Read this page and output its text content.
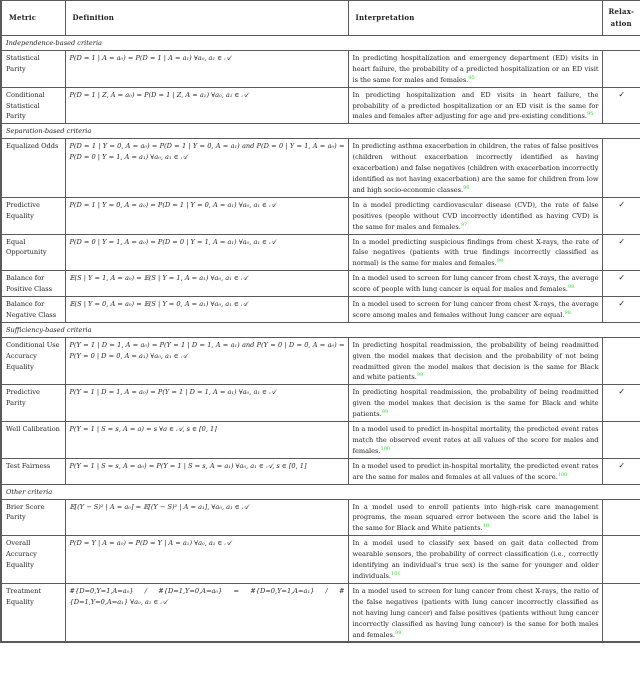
Metric	Definition	Interpretation	Relax- ation
Independence-based criteria			
Statistical Parity	P(D = 1 | A = a₀) = P(D = 1 | A = a₁) ∀a₀, a₁ ∈ 𝒜	In predicting hospitalization and emergency department (ED) visits in heart failure, the probability of a predicted hospitalization or an ED visit is the same for males and females.$^{95}$	
Conditional Statistical Parity	P(D = 1 | Z, A = a₀) = P(D = 1 | Z, A = a₁) ∀a₀, a₁ ∈ 𝒜	In predicting hospitalization and ED visits in heart failure, the probability of a predicted hospitalization or an ED visit is the same for males and females after adjusting for age and pre-existing conditions.$^{95}$	✓
Separation-based criteria			
Equalized Odds	P(D = 1 | Y = 0, A = a₀) = P(D = 1 | Y = 0, A = a₁) and P(D = 0 | Y = 1, A = a₀) = P(D = 0 | Y = 1, A = a₁) ∀a₀, a₁ ∈ 𝒜	In predicting asthma exacerbation in children, the rates of false positives (children without exacerbation incorrectly identified as having exacerbation) and false negatives (children with exacerbation incorrectly identified as not having exacerbation) are the same for children from low and high socio-economic classes.$^{96}$	
Predictive Equality	P(D = 1 | Y = 0, A = a₀) = P(D = 1 | Y = 0, A = a₁) ∀a₀, a₁ ∈ 𝒜	In a model predicting cardiovascular disease (CVD), the rate of false positives (people without CVD incorrectly identified as having CVD) is the same for males and females.$^{97}$	✓
Equal Opportunity	P(D = 0 | Y = 1, A = a₀) = P(D = 0 | Y = 1, A = a₁) ∀a₀, a₁ ∈ 𝒜	In a model predicting suspicious findings from chest X-rays, the rate of false negatives (patients with true findings incorrectly classified as normal) is the same for males and females.$^{98}$	✓
Balance for Positive Class	𝔼(S | Y = 1, A = a₀) = 𝔼(S | Y = 1, A = a₁) ∀a₀, a₁ ∈ 𝒜	In a model used to screen for lung cancer from chest X-rays, the average score of people with lung cancer is equal for males and females.$^{98}$	✓
Balance for Negative Class	𝔼(S | Y = 0, A = a₀) = 𝔼(S | Y = 0, A = a₁) ∀a₀, a₁ ∈ 𝒜	In a model used to screen for lung cancer from chest X-rays, the average score among males and females without lung cancer are equal.$^{98}$	✓
Sufficiency-based criteria			
Conditional Use Accuracy Equality	P(Y = 1 | D = 1, A = a₀) = P(Y = 1 | D = 1, A = a₁) and P(Y = 0 | D = 0, A = a₀) = P(Y = 0 | D = 0, A = a₁) ∀a₀, a₁ ∈ 𝒜	In predicting hospital readmission, the probability of being readmitted given the model makes that decision and the probability of not being readmitted given the model makes that decision is the same for Black and white patients.$^{99}$	
Predictive Parity	P(Y = 1 | D = 1, A = a₀) = P(Y = 1 | D = 1, A = a₁) ∀a₀, a₁ ∈ 𝒜	In predicting hospital readmission, the probability of being readmitted given the model makes that decision is the same for Black and white patients.$^{99}$	✓
Well Calibration	P(Y = 1 | S = s, A = a) = s ∀a ∈ 𝒜, s ∈ [0, 1]	In a model used to predict in-hospital mortality, the predicted event rates match the observed event rates at all values of the score for males and females.$^{100}$	
Test Fairness	P(Y = 1 | S = s, A = a₀) = P(Y = 1 | S = s, A = a₁) ∀a₀, a₁ ∈ 𝒜, s ∈ [0, 1]	In a model used to predict in-hospital mortality, the predicted event rates are the same for males and females at all values of the score.$^{100}$	✓
Other criteria			
Brier Score Parity	𝔼[(Y − S)² | A = a₀] = 𝔼[(Y − S)² | A = a₁], ∀a₀, a₁ ∈ 𝒜	In a model used to enroll patients into high-risk care management programs, the mean squared error between the score and the label is the same for Black and White patients.$^{18}$	
Overall Accuracy Equality	P(D = Y | A = a₀) = P(D = Y | A = a₁) ∀a₀, a₁ ∈ 𝒜	In a model used to classify sex based on gait data collected from wearable sensors, the probability of correct classification (i.e., correctly identifying an individual's true sex) is the same for younger and older individuals.$^{101}$	
Treatment Equality	#{D=0,Y=1,A=a₀} / #{D=1,Y=0,A=a₀} = #{D=0,Y=1,A=a₁} / #{D=1,Y=0,A=a₁} ∀a₀, a₁ ∈ 𝒜	In a model used to screen for lung cancer from chest X-rays, the ratio of the false negatives (patients with lung cancer incorrectly classified as not having lung cancer) and false positives (patients without lung cancer incorrectly classified as having lung cancer) is the same for both males and females.$^{98}$	
